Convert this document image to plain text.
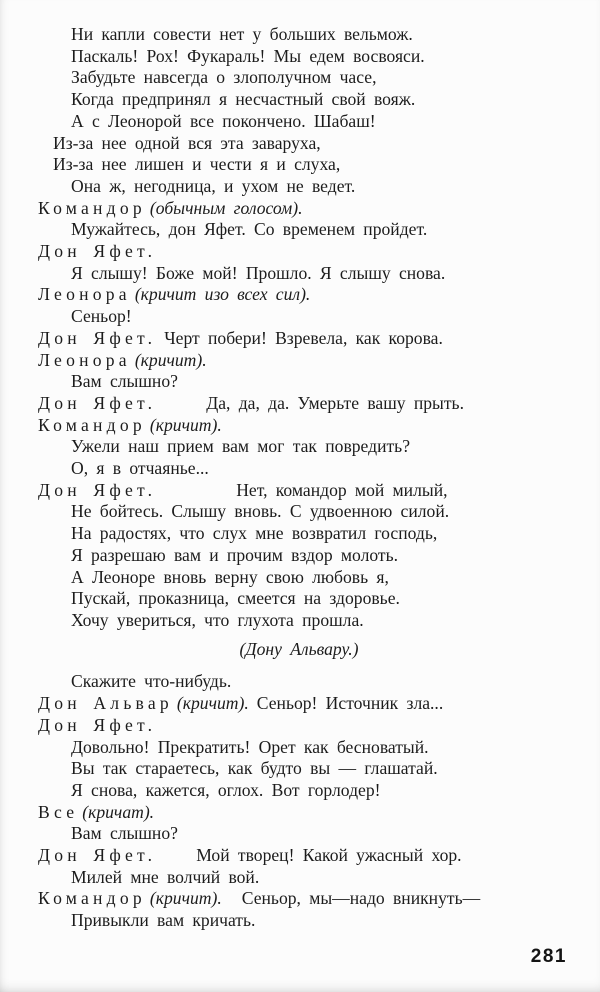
Ни капли совести нет у больших вельмож.
Паскаль! Рох! Фукараль! Мы едем восвояси.
Забудьте навсегда о злополучном часе,
Когда предпринял я несчастный свой вояж.
А с Леонорой все покончено. Шабаш!
Из-за нее одной вся эта заваруха,
Из-за нее лишен и чести я и слуха,
Она ж, негодница, и ухом не ведет.
Командор (обычным голосом).
Мужайтесь, дон Яфет. Со временем пройдет.
Дон Яфет.
Я слышу! Боже мой! Прошло. Я слышу снова.
Леонора (кричит изо всех сил).
Сеньор!
Дон Яфет. Черт побери! Взревела, как корова.
Леонора (кричит).
Вам слышно?
Дон Яфет.	Да, да, да. Умерьте вашу прыть.
Командор (кричит).
Ужели наш прием вам мог так повредить?
О, я в отчаянье...
Дон Яфет.	Нет, командор мой милый,
Не бойтесь. Слышу вновь. С удвоенною силой.
На радостях, что слух мне возвратил господь,
Я разрешаю вам и прочим вздор молоть.
А Леоноре вновь верну свою любовь я,
Пускай, проказница, смеется на здоровье.
Хочу увериться, что глухота прошла.
(Дону Альвару.)
Скажите что-нибудь.
Дон Альвар (кричит). Сеньор! Источник зла...
Дон Яфет.
Довольно! Прекратить! Орет как бесноватый.
Вы так стараетесь, как будто вы — глашатай.
Я снова, кажется, оглох. Вот горлодер!
Все (кричат).
Вам слышно?
Дон Яфет. Мой творец! Какой ужасный хор.
Милей мне волчий вой.
Командор (кричит). Сеньор, мы—надо вникнуть—
Привыкли вам кричать.
281
